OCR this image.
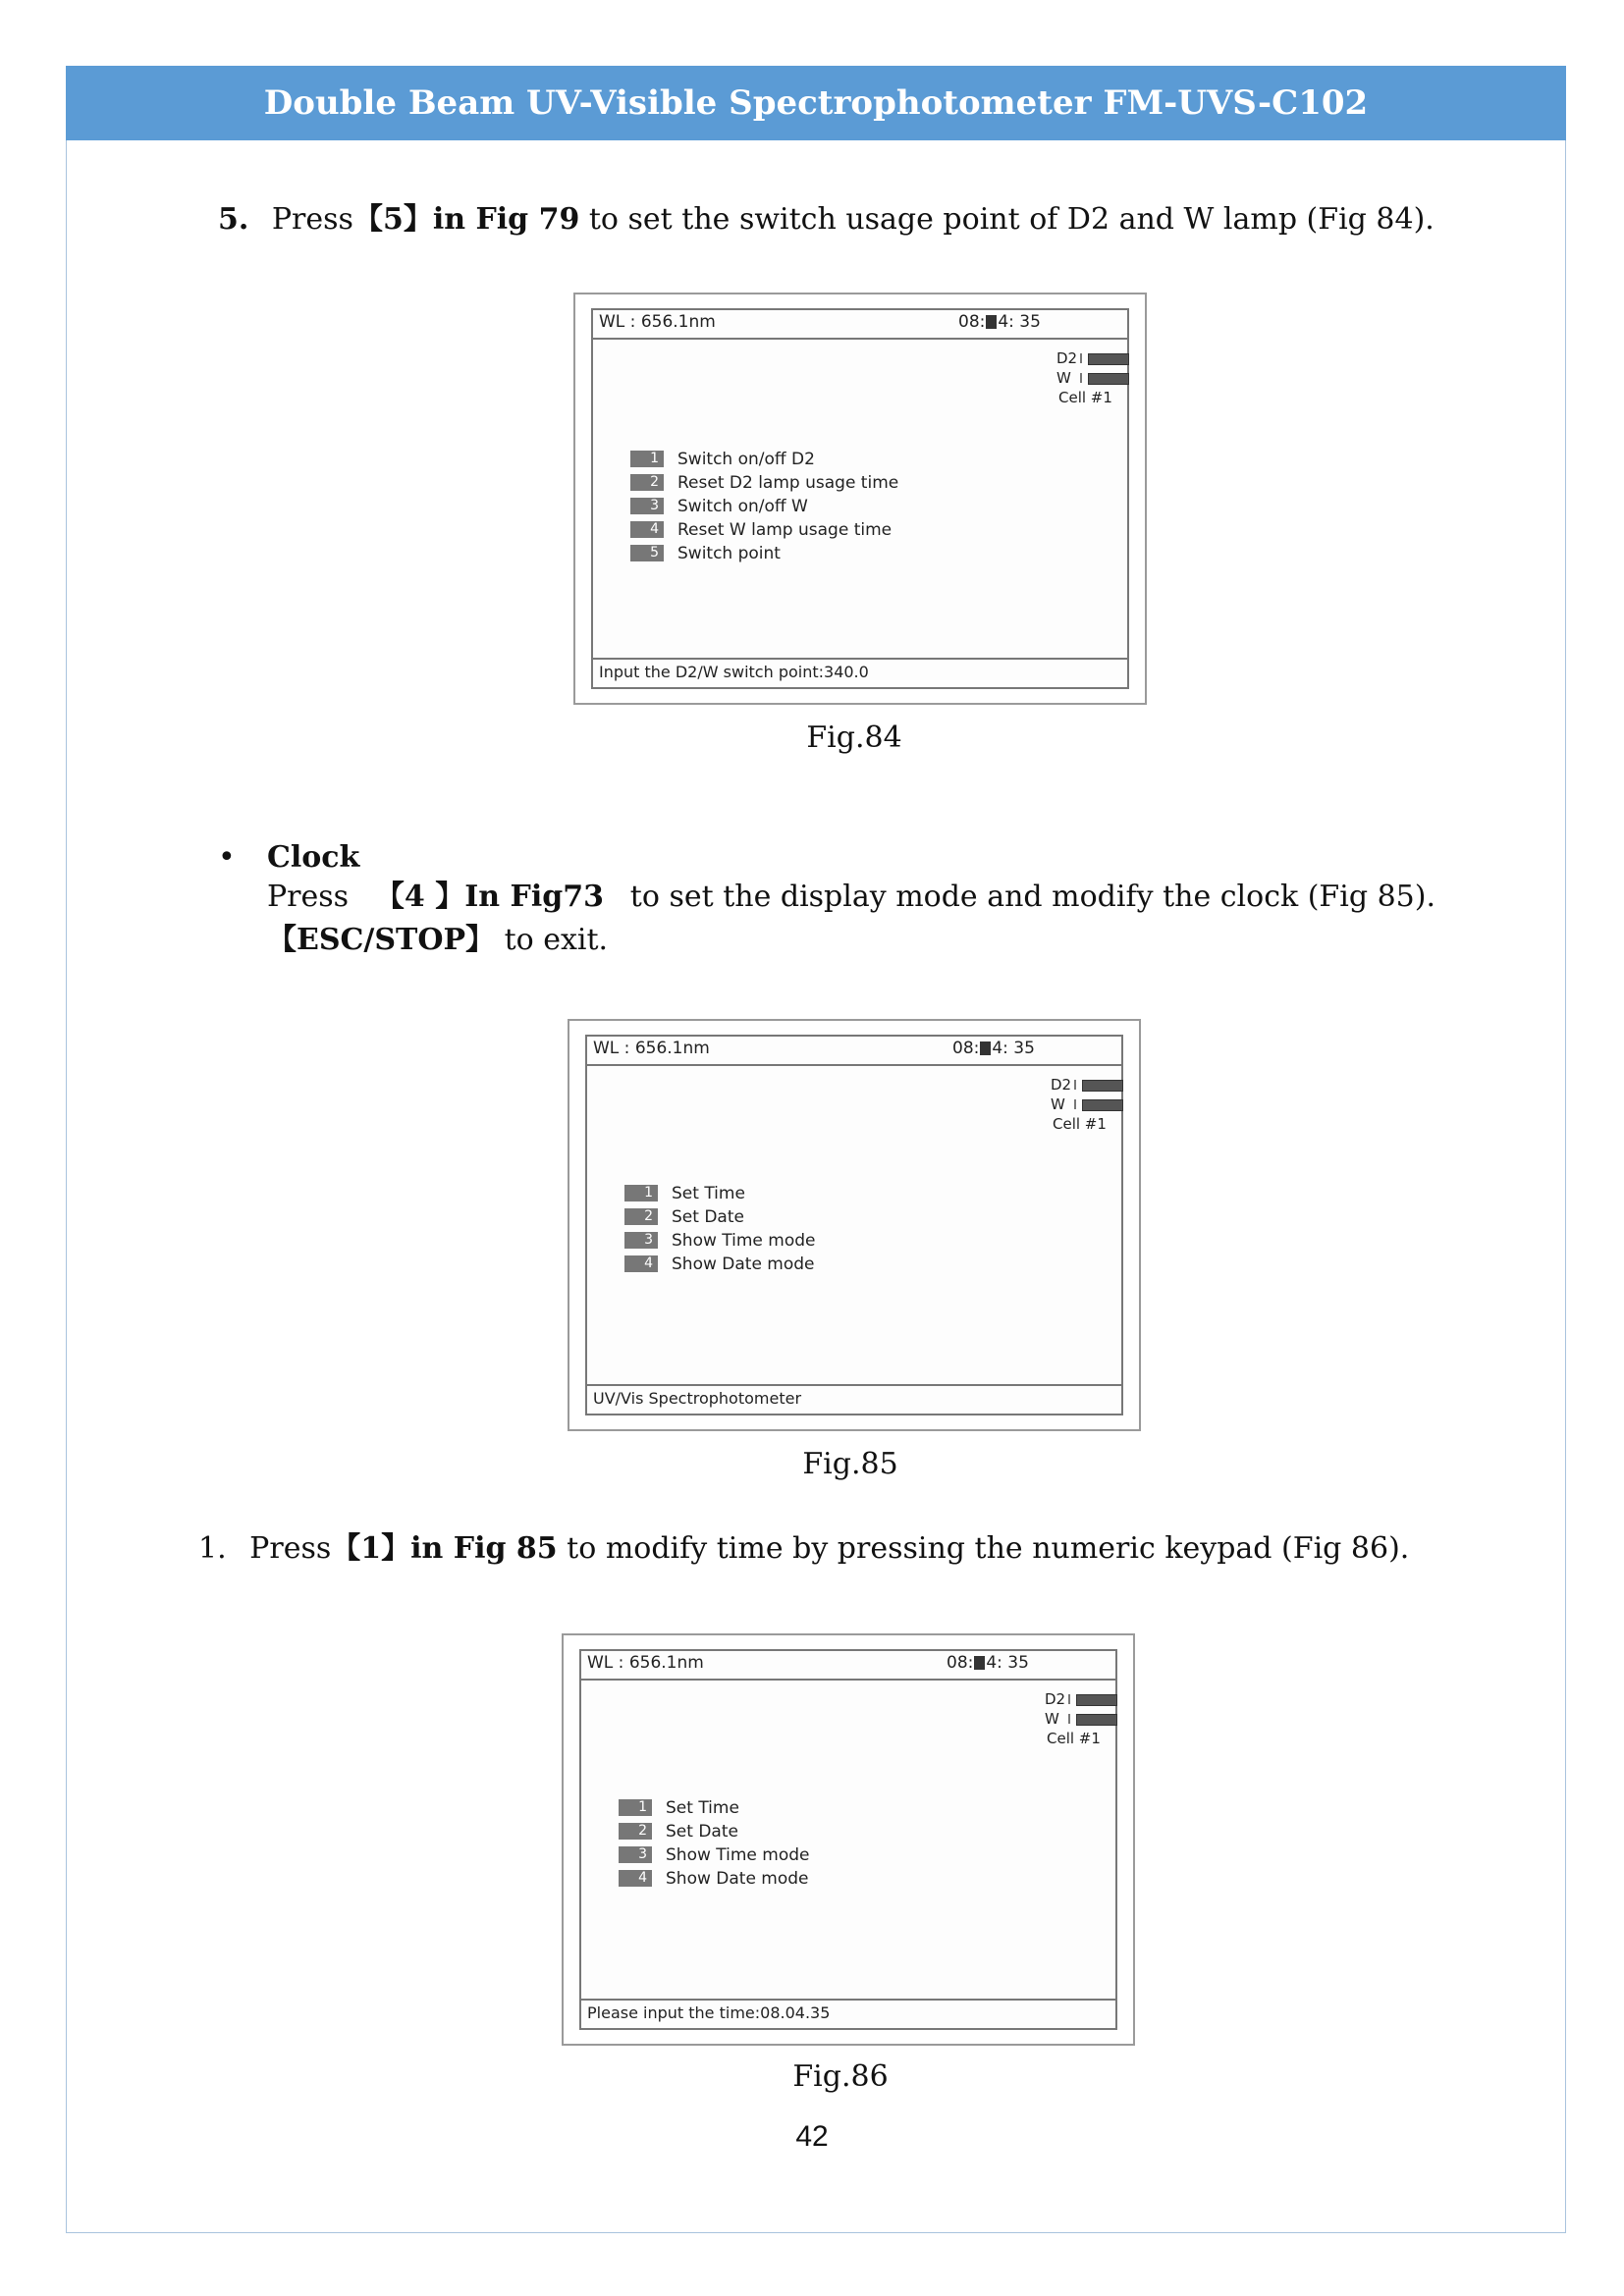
Double Beam UV-Visible Spectrophotometer FM-UVS-C102
5. Press【5】in Fig 79 to set the switch usage point of D2 and W lamp (Fig 84).
WL : 656.1nm	08: 4: 35
D2
W
Cell #1
1 Switch on/off D2
2 Reset D2 lamp usage time
3 Switch on/off W
4 Reset W lamp usage time
5 Switch point
Input the D2/W switch point:340.0
Fig.84
• Clock
Press 【4 】In Fig73 to set the display mode and modify the clock (Fig 85).
【ESC/STOP】 to exit.
WL : 656.1nm	08: 4: 35
D2
W
Cell #1
1 Set Time
2 Set Date
3 Show Time mode
4 Show Date mode
UV/Vis Spectrophotometer
Fig.85
1. Press【1】in Fig 85 to modify time by pressing the numeric keypad (Fig 86).
WL : 656.1nm	08: 4: 35
D2
W
Cell #1
1 Set Time
2 Set Date
3 Show Time mode
4 Show Date mode
Please input the time:08.04.35
Fig.86
42
